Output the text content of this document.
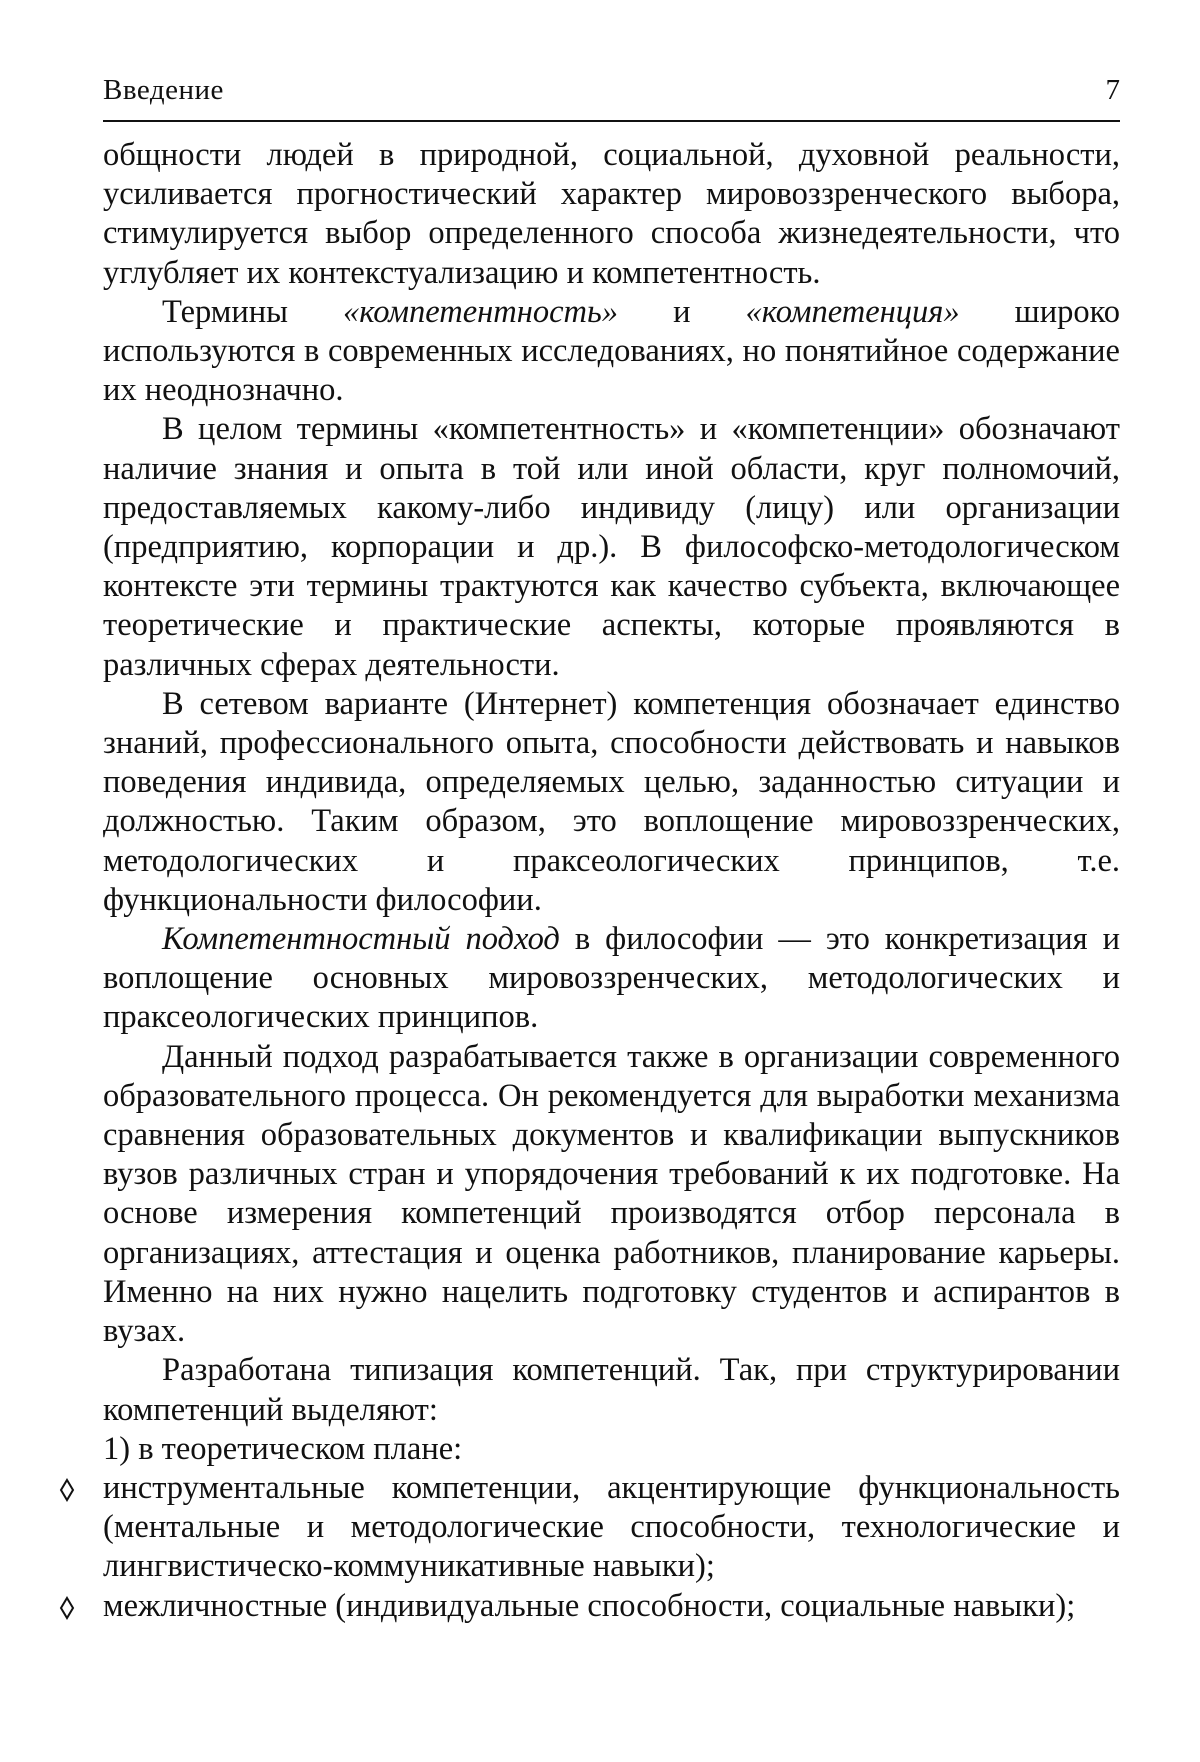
Введение	7

общности людей в природной, социальной, духовной реальности, усиливается прогностический характер мировоззренческого выбора, стимулируется выбор определенного способа жизнедеятельности, что углубляет их контекстуализацию и компетентность.

Термины «компетентность» и «компетенция» широко используются в современных исследованиях, но понятийное содержание их неоднозначно.

В целом термины «компетентность» и «компетенции» обозначают наличие знания и опыта в той или иной области, круг полномочий, предоставляемых какому-либо индивиду (лицу) или организации (предприятию, корпорации и др.). В философско-методологическом контексте эти термины трактуются как качество субъекта, включающее теоретические и практические аспекты, которые проявляются в различных сферах деятельности.

В сетевом варианте (Интернет) компетенция обозначает единство знаний, профессионального опыта, способности действовать и навыков поведения индивида, определяемых целью, заданностью ситуации и должностью. Таким образом, это воплощение мировоззренческих, методологических и праксеологических принципов, т.е. функциональности философии.

Компетентностный подход в философии — это конкретизация и воплощение основных мировоззренческих, методологических и праксеологических принципов.

Данный подход разрабатывается также в организации современного образовательного процесса. Он рекомендуется для выработки механизма сравнения образовательных документов и квалификации выпускников вузов различных стран и упорядочения требований к их подготовке. На основе измерения компетенций производятся отбор персонала в организациях, аттестация и оценка работников, планирование карьеры. Именно на них нужно нацелить подготовку студентов и аспирантов в вузах.

Разработана типизация компетенций. Так, при структурировании компетенций выделяют:

1) в теоретическом плане:

инструментальные компетенции, акцентирующие функциональность (ментальные и методологические способности, технологические и лингвистическо-коммуникативные навыки);
межличностные (индивидуальные способности, социальные навыки);
